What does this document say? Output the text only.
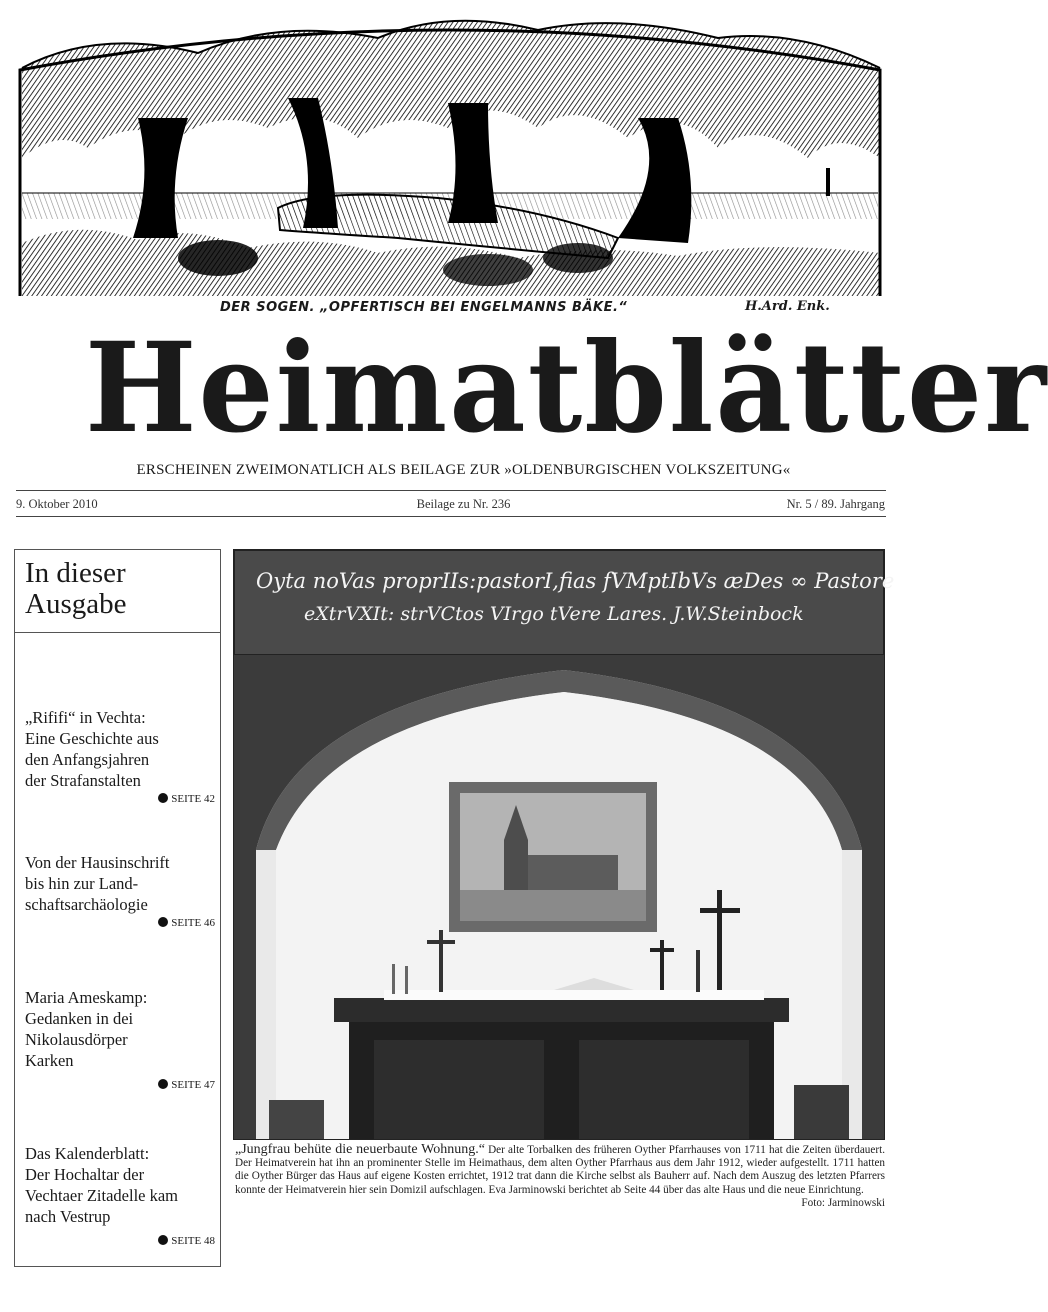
DER SOGEN. „OPFERTISCH BEI ENGELMANNS BÄKE.“	H.Ard. Enk.
Heimatblätter
ERSCHEINEN ZWEIMONATLICH ALS BEILAGE ZUR »OLDENBURGISCHEN VOLKSZEITUNG«
9. Oktober 2010	Beilage zu Nr. 236	Nr. 5 / 89. Jahrgang
In dieser
Ausgabe
„Rififi“ in Vechta:
Eine Geschichte aus
den Anfangsjahren
der Strafanstalten
SEITE 42
Von der Hausinschrift
bis hin zur Land-
schaftsarchäologie
SEITE 46
Maria Ameskamp:
Gedanken in dei
Nikolausdörper
Karken
SEITE 47
Das Kalenderblatt:
Der Hochaltar der
Vechtaer Zitadelle kam
nach Vestrup
SEITE 48
Oyta noVas proprIIs:pastorI,fias fVMptIbVs æDes ∞ Pastore
eXtrVXIt: strVCtos VIrgo tVere Lares. J.W.Steinbock
„Jungfrau behüte die neuerbaute Wohnung.“ Der alte Torbalken des früheren Oyther Pfarrhauses von 1711 hat die Zeiten überdauert. Der Heimatverein hat ihn an prominenter Stelle im Heimathaus, dem alten Oyther Pfarrhaus aus dem Jahr 1912, wieder aufgestellt. 1711 hatten die Oyther Bürger das Haus auf eigene Kosten errichtet, 1912 trat dann die Kirche selbst als Bauherr auf. Nach dem Auszug des letzten Pfarrers konnte der Heimatverein hier sein Domizil aufschlagen. Eva Jarminowski berichtet ab Seite 44 über das alte Haus und die neue Einrichtung.
Foto: Jarminowski
